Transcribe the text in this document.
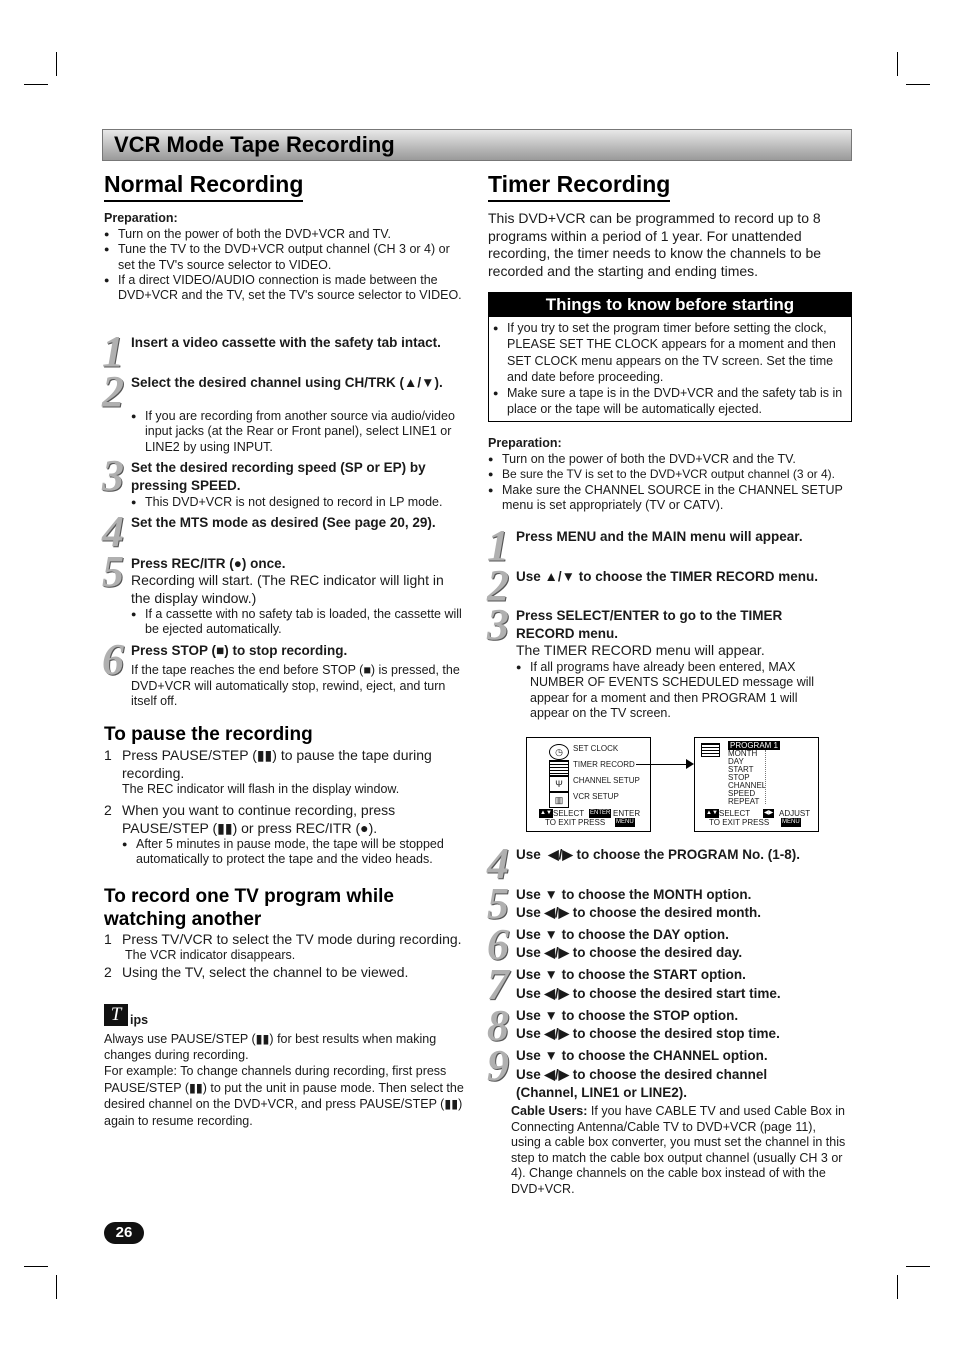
VCR Mode Tape Recording
Normal Recording
Preparation:
● Turn on the power of both the DVD+VCR and TV.
● Tune the TV to the DVD+VCR output channel (CH 3 or 4) or set the TV's source selector to VIDEO.
● If a direct VIDEO/AUDIO connection is made between the DVD+VCR and the TV, set the TV's source selector to VIDEO.
1 Insert a video cassette with the safety tab intact.
2 Select the desired channel using CH/TRK (▲/▼).
● If you are recording from another source via audio/video input jacks (at the Rear or Front panel), select LINE1 or LINE2 by using INPUT.
3 Set the desired recording speed (SP or EP) by pressing SPEED.
● This DVD+VCR is not designed to record in LP mode.
4 Set the MTS mode as desired (See page 20, 29).
5 Press REC/ITR (●) once.
Recording will start. (The REC indicator will light in the display window.)
● If a cassette with no safety tab is loaded, the cassette will be ejected automatically.
6 Press STOP (■) to stop recording.
If the tape reaches the end before STOP (■) is pressed, the DVD+VCR will automatically stop, rewind, eject, and turn itself off.
To pause the recording
1 Press PAUSE/STEP (▮▮) to pause the tape during recording.
The REC indicator will flash in the display window.
2 When you want to continue recording, press PAUSE/STEP (▮▮) or press REC/ITR (●).
● After 5 minutes in pause mode, the tape will be stopped automatically to protect the tape and the video heads.
To record one TV program while watching another
1 Press TV/VCR to select the TV mode during recording.
The VCR indicator disappears.
2 Using the TV, select the channel to be viewed.
T ips
Always use PAUSE/STEP (▮▮) for best results when making changes during recording.
For example: To change channels during recording, first press PAUSE/STEP (▮▮) to put the unit in pause mode. Then select the desired channel on the DVD+VCR, and press PAUSE/STEP (▮▮) again to resume recording.
Timer Recording
This DVD+VCR can be programmed to record up to 8 programs within a period of 1 year. For unattended recording, the timer needs to know the channels to be recorded and the starting and ending times.
Things to know before starting
● If you try to set the program timer before setting the clock, PLEASE SET THE CLOCK appears for a moment and then SET CLOCK menu appears on the TV screen. Set the time and date before proceeding.
● Make sure a tape is in the DVD+VCR and the safety tab is in place or the tape will be automatically ejected.
Preparation:
● Turn on the power of both the DVD+VCR and the TV.
● Be sure the TV is set to the DVD+VCR output channel (3 or 4).
● Make sure the CHANNEL SOURCE in the CHANNEL SETUP menu is set appropriately (TV or CATV).
1 Press MENU and the MAIN menu will appear.
2 Use ▲/▼ to choose the TIMER RECORD menu.
3 Press SELECT/ENTER to go to the TIMER RECORD menu.
The TIMER RECORD menu will appear.
● If all programs have already been entered, MAX NUMBER OF EVENTS SCHEDULED message will appear for a moment and then PROGRAM 1 will appear on the TV screen.
◷
Ψ
▥
SET CLOCK
TIMER RECORD
CHANNEL SETUP
VCR SETUP
▲▼ SELECT ENTER ENTER
TO EXIT PRESS MENU
PROGRAM 1
MONTH
DAY
START
STOP
CHANNEL
SPEED
REPEAT
▲▼ SELECT ◀▶ ADJUST
TO EXIT PRESS MENU
4 Use  ◀/▶ to choose the PROGRAM No. (1-8).
5 Use ▼ to choose the MONTH option.
Use ◀/▶ to choose the desired month.
6 Use ▼ to choose the DAY option.
Use ◀/▶ to choose the desired day.
7 Use ▼ to choose the START option.
Use ◀/▶ to choose the desired start time.
8 Use ▼ to choose the STOP option.
Use ◀/▶ to choose the desired stop time.
9 Use ▼ to choose the CHANNEL option.
Use ◀/▶ to choose the desired channel (Channel, LINE1 or LINE2).
Cable Users: If you have CABLE TV and used Cable Box in Connecting Antenna/Cable TV to DVD+VCR (page 11), using a cable box converter, you must set the channel in this step to match the cable box output channel (usually CH 3 or 4). Change channels on the cable box instead of with the DVD+VCR.
26
